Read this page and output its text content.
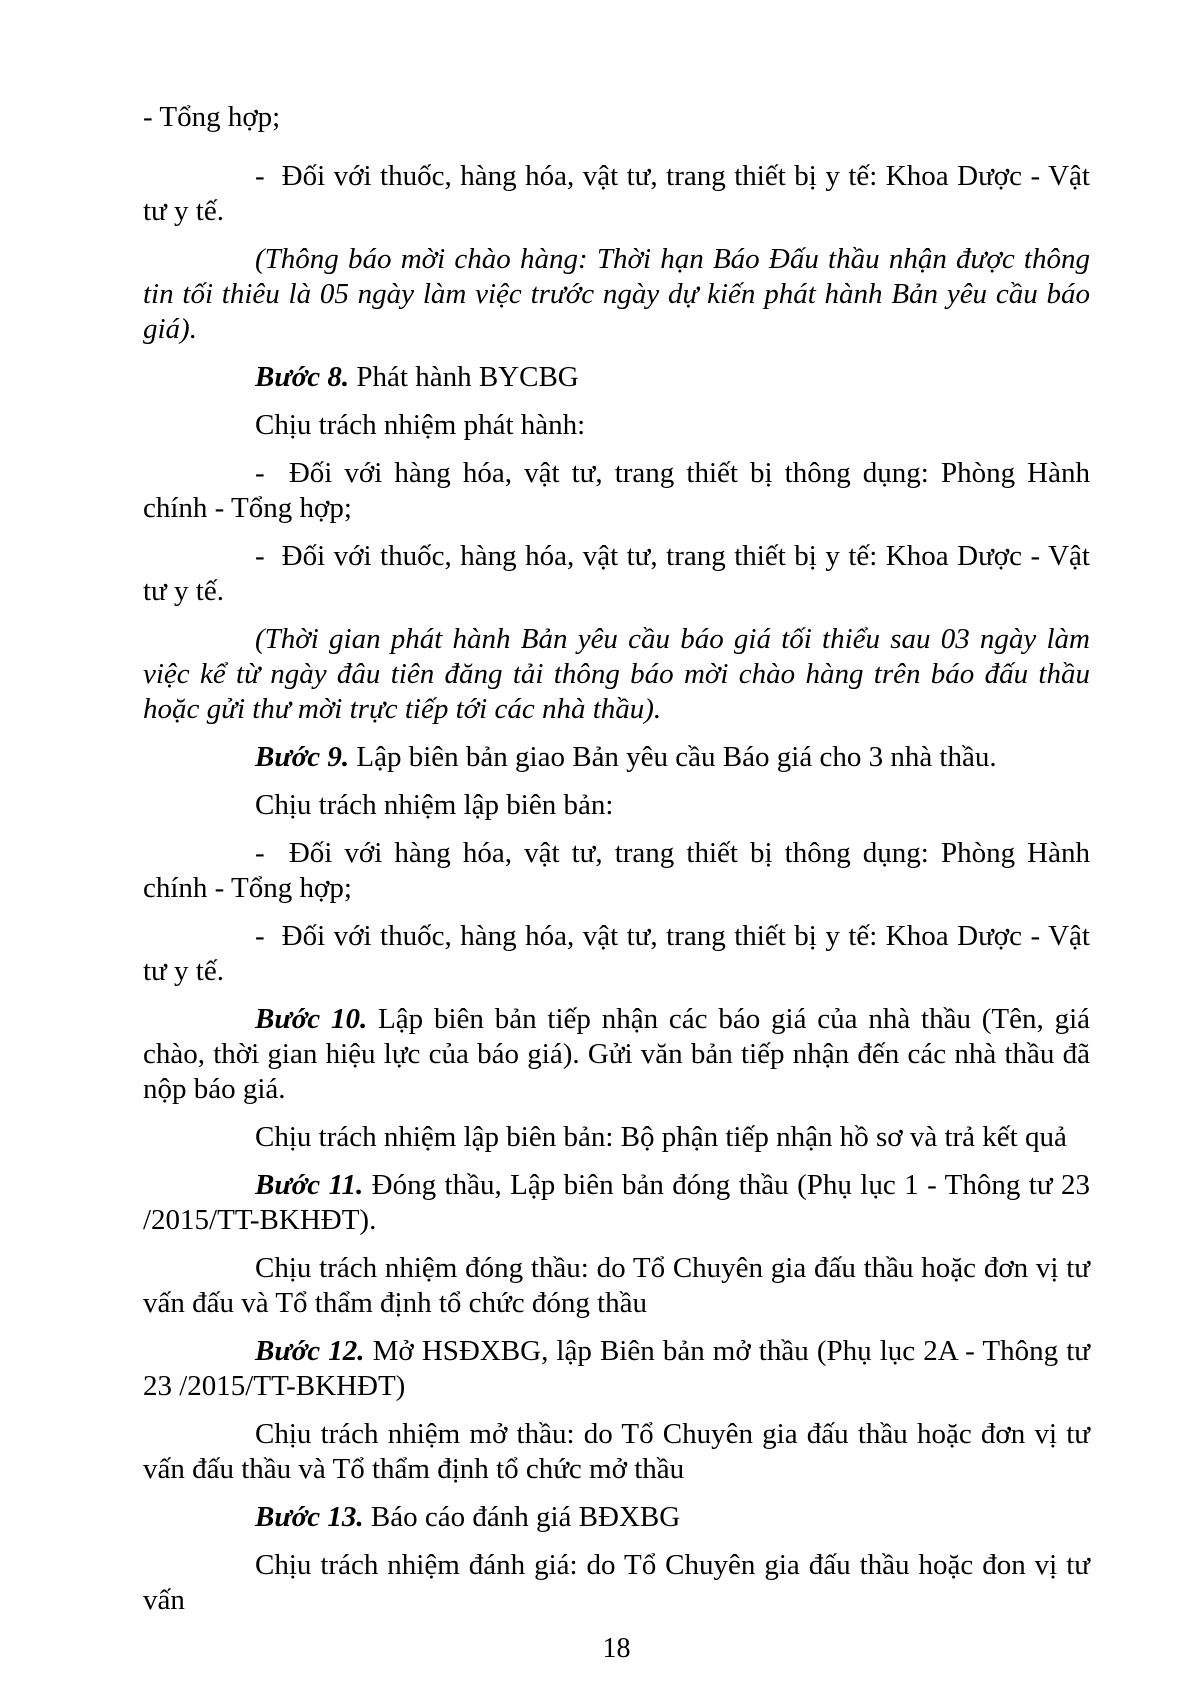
- Tổng hợp;

-  Đối với thuốc, hàng hóa, vật tư, trang thiết bị y tế: Khoa Dược - Vật tư y tế.

(Thông báo mời chào hàng: Thời hạn Báo Đấu thầu nhận được thông tin tối thiêu là 05 ngày làm việc trước ngày dự kiến phát hành Bản yêu cầu báo giá).

Bước 8. Phát hành BYCBG

Chịu trách nhiệm phát hành:

-  Đối với hàng hóa, vật tư, trang thiết bị thông dụng: Phòng Hành chính - Tổng hợp;

-  Đối với thuốc, hàng hóa, vật tư, trang thiết bị y tế: Khoa Dược - Vật tư y tế.

(Thời gian phát hành Bản yêu cầu báo giá tối thiểu sau 03 ngày làm việc kể từ ngày đâu tiên đăng tải thông báo mời chào hàng trên báo đấu thầu hoặc gửi thư mời trực tiếp tới các nhà thầu).

Bước 9. Lập biên bản giao Bản yêu cầu Báo giá cho 3 nhà thầu.

Chịu trách nhiệm lập biên bản:

-  Đối với hàng hóa, vật tư, trang thiết bị thông dụng: Phòng Hành chính - Tổng hợp;

-  Đối với thuốc, hàng hóa, vật tư, trang thiết bị y tế: Khoa Dược - Vật tư y tế.

Bước 10. Lập biên bản tiếp nhận các báo giá của nhà thầu (Tên, giá chào, thời gian hiệu lực của báo giá). Gửi văn bản tiếp nhận đến các nhà thầu đã nộp báo giá.

Chịu trách nhiệm lập biên bản: Bộ phận tiếp nhận hồ sơ và trả kết quả

Bước 11. Đóng thầu, Lập biên bản đóng thầu (Phụ lục 1 - Thông tư 23 /2015/TT-BKHĐT).

Chịu trách nhiệm đóng thầu: do Tổ Chuyên gia đấu thầu hoặc đơn vị tư vấn đấu và Tổ thẩm định tổ chức đóng thầu

Bước 12. Mở HSĐXBG, lập Biên bản mở thầu (Phụ lục 2A - Thông tư 23 /2015/TT-BKHĐT)

Chịu trách nhiệm mở thầu: do Tổ Chuyên gia đấu thầu hoặc đơn vị tư vấn đấu thầu và Tổ thẩm định tổ chức mở thầu

Bước 13. Báo cáo đánh giá BĐXBG

Chịu trách nhiệm đánh giá: do Tổ Chuyên gia đấu thầu hoặc đon vị tư vấn

18
